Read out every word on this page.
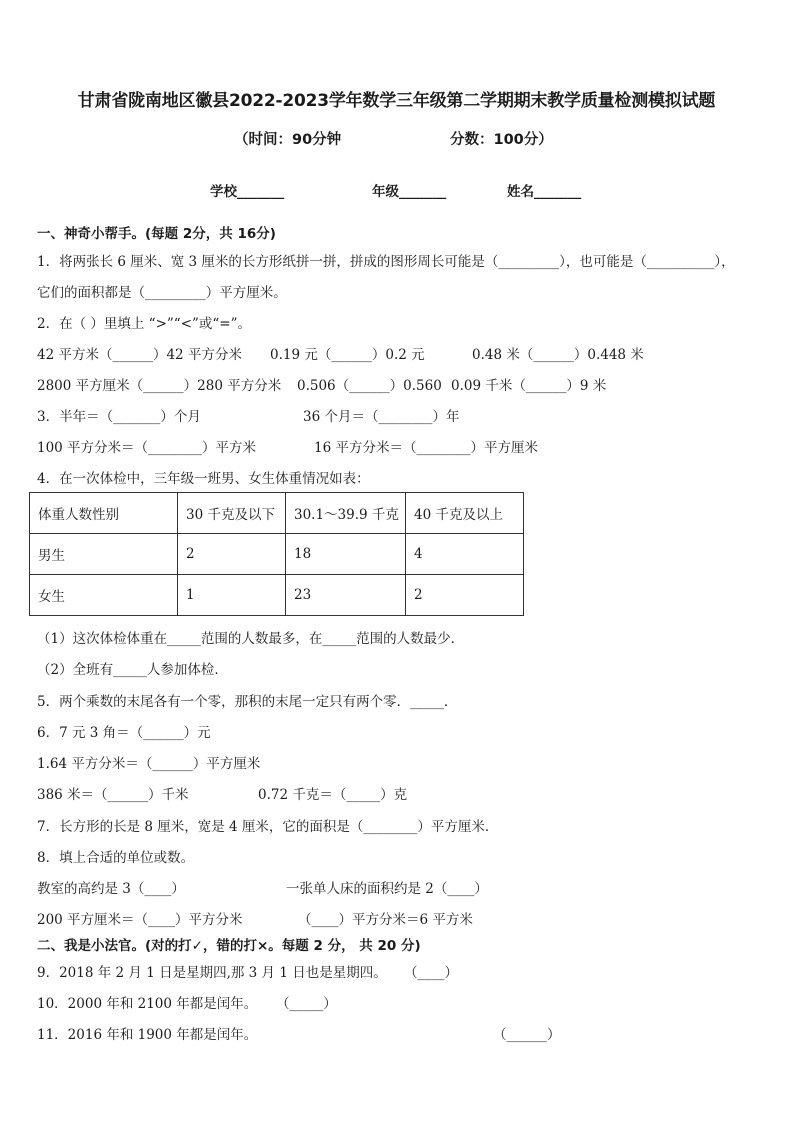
甘肃省陇南地区徽县2022-2023学年数学三年级第二学期期末教学质量检测模拟试题
（时间：90分钟	分数：100分）
学校_______	年级_______	姓名_______
一、神奇小帮手。(每题 2分，共 16分)
1．将两张长 6 厘米、宽 3 厘米的长方形纸拼一拼，拼成的图形周长可能是（_________），也可能是（__________），
它们的面积都是（_________）平方厘米。
2．在（ ）里填上 “>”“<”或“=”。
42 平方米（______）42 平方分米 0.19 元（______）0.2 元	0.48 米（______）0.448 米
2800 平方厘米（______）280 平方分米 0.506（______）0.560 0.09 千米（______）9 米
3．半年＝（_______）个月	36 个月＝（________）年
100 平方分米＝（________）平方米	16 平方分米＝（________）平方厘米
4．在一次体检中，三年级一班男、女生体重情况如表：
体重人数性别	30 千克及以下	30.1～39.9 千克	40 千克及以上
男生	2	18	4
女生	1	23	2
（1）这次体检体重在_____范围的人数最多，在_____范围的人数最少．
（2）全班有_____人参加体检．
5．两个乘数的末尾各有一个零，那积的末尾一定只有两个零．_____．
6．7 元 3 角＝（______）元
1.64 平方分米＝（______）平方厘米
386 米＝（______）千米	0.72 千克＝（_____）克
7．长方形的长是 8 厘米，宽是 4 厘米，它的面积是（________）平方厘米．
8．填上合适的单位或数。
教室的高约是 3（____）	一张单人床的面积约是 2（____）
200 平方厘米＝（____）平方分米	（____）平方分米＝6 平方米
二、我是小法官。(对的打✓，错的打×。每题 2 分， 共 20 分)
9．2018 年 2 月 1 日是星期四,那 3 月 1 日也是星期四。 （____）
10．2000 年和 2100 年都是闰年。 （_____）
11．2016 年和 1900 年都是闰年。	（______）
